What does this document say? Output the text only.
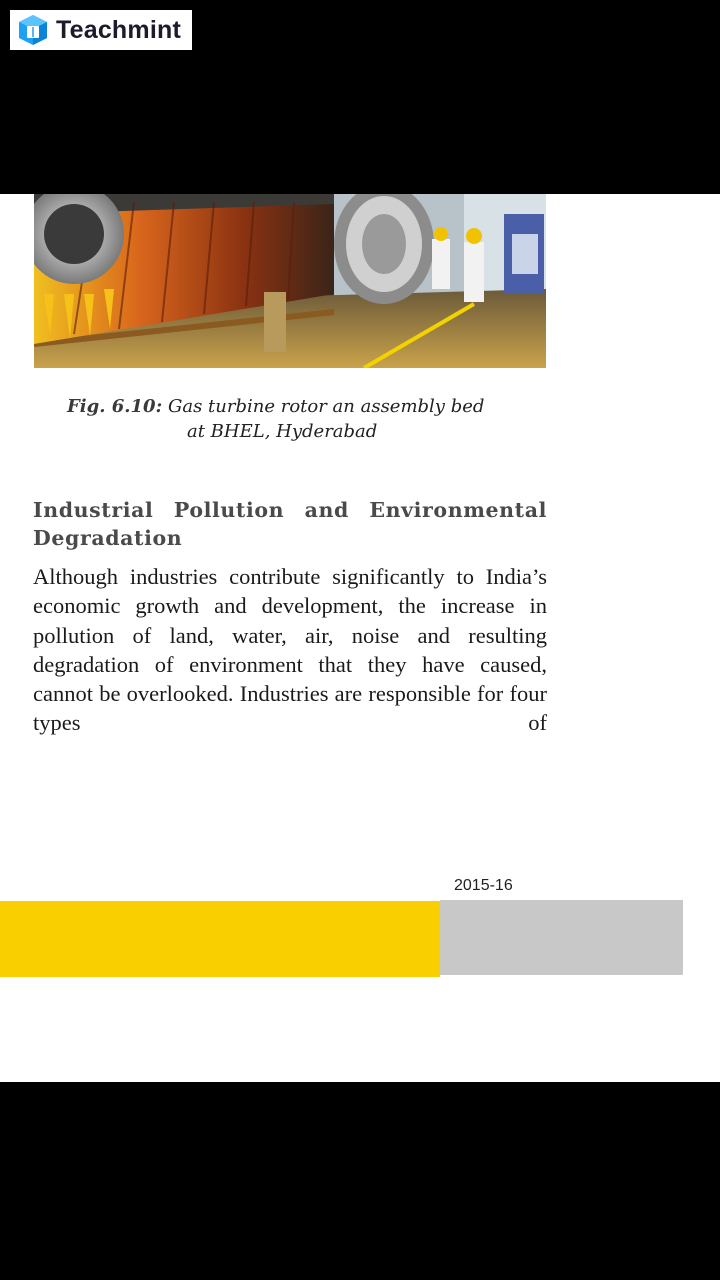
Teachmint
Fig. 6.10: Gas turbine rotor an assembly bed
at BHEL, Hyderabad
Industrial Pollution and Environmental Degradation
Although industries contribute significantly to India’s economic growth and development, the increase in pollution of land, water, air, noise and resulting degradation of environment that they have caused, cannot be overlooked. Industries are responsible for four types of
2015-16
